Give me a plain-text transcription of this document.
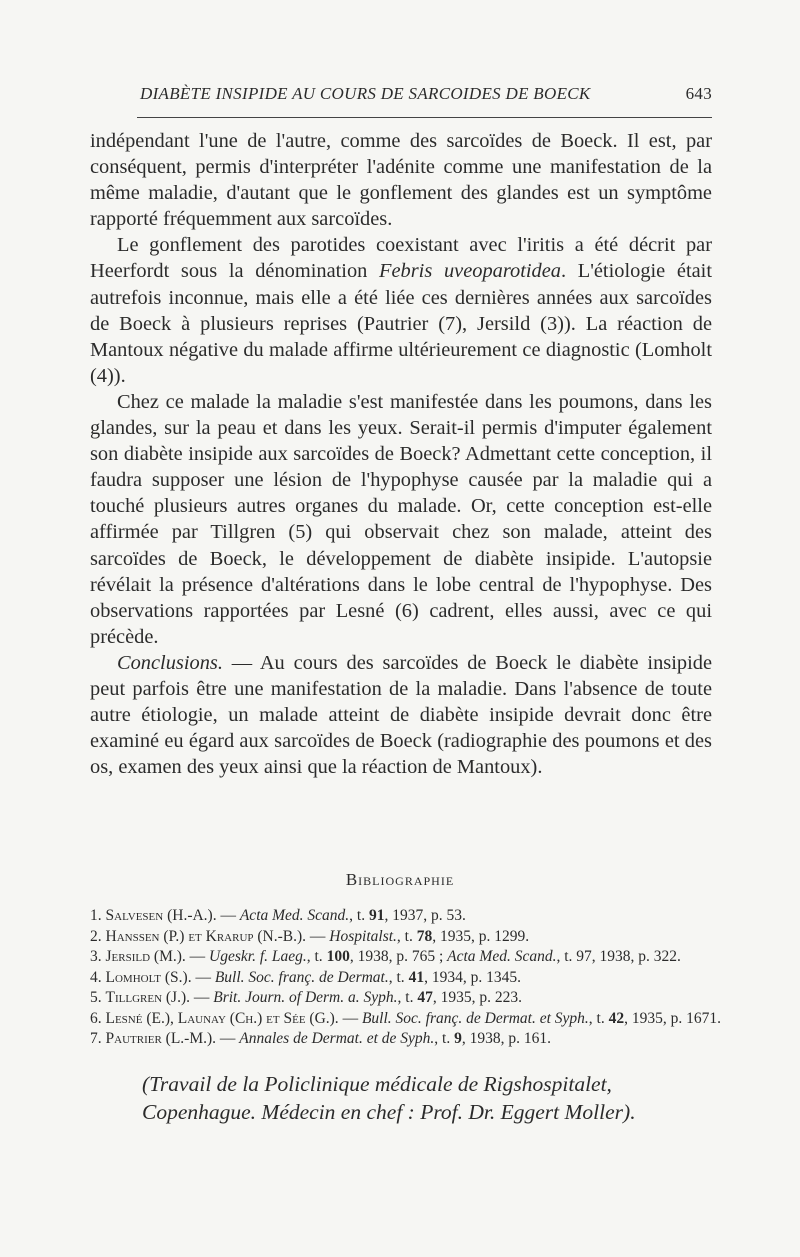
DIABÈTE INSIPIDE AU COURS DE SARCOIDES DE BOECK	643

indépendant l'une de l'autre, comme des sarcoïdes de Boeck. Il est, par conséquent, permis d'interpréter l'adénite comme une manifestation de la même maladie, d'autant que le gonflement des glandes est un symptôme rapporté fréquemment aux sarcoïdes.

Le gonflement des parotides coexistant avec l'iritis a été décrit par Heerfordt sous la dénomination Febris uveoparotidea. L'étiologie était autrefois inconnue, mais elle a été liée ces dernières années aux sarcoïdes de Boeck à plusieurs reprises (Pautrier (7), Jersild (3)). La réaction de Mantoux négative du malade affirme ultérieurement ce diagnostic (Lomholt (4)).

Chez ce malade la maladie s'est manifestée dans les poumons, dans les glandes, sur la peau et dans les yeux. Serait-il permis d'imputer également son diabète insipide aux sarcoïdes de Boeck? Admettant cette conception, il faudra supposer une lésion de l'hypophyse causée par la maladie qui a touché plusieurs autres organes du malade. Or, cette conception est-elle affirmée par Tillgren (5) qui observait chez son malade, atteint des sarcoïdes de Boeck, le développement de diabète insipide. L'autopsie révélait la présence d'altérations dans le lobe central de l'hypophyse. Des observations rapportées par Lesné (6) cadrent, elles aussi, avec ce qui précède.

Conclusions. — Au cours des sarcoïdes de Boeck le diabète insipide peut parfois être une manifestation de la maladie. Dans l'absence de toute autre étiologie, un malade atteint de diabète insipide devrait donc être examiné eu égard aux sarcoïdes de Boeck (radiographie des poumons et des os, examen des yeux ainsi que la réaction de Mantoux).

Bibliographie
1. Salvesen (H.-A.). — Acta Med. Scand., t. 91, 1937, p. 53.
2. Hanssen (P.) et Krarup (N.-B.). — Hospitalst., t. 78, 1935, p. 1299.
3. Jersild (M.). — Ugeskr. f. Laeg., t. 100, 1938, p. 765 ; Acta Med. Scand., t. 97, 1938, p. 322.
4. Lomholt (S.). — Bull. Soc. franç. de Dermat., t. 41, 1934, p. 1345.
5. Tillgren (J.). — Brit. Journ. of Derm. a. Syph., t. 47, 1935, p. 223.
6. Lesné (E.), Launay (Ch.) et Sée (G.). — Bull. Soc. franç. de Dermat. et Syph., t. 42, 1935, p. 1671.
7. Pautrier (L.-M.). — Annales de Dermat. et de Syph., t. 9, 1938, p. 161.
(Travail de la Policlinique médicale de Rigshospitalet,
Copenhague. Médecin en chef : Prof. Dr. Eggert Moller).
